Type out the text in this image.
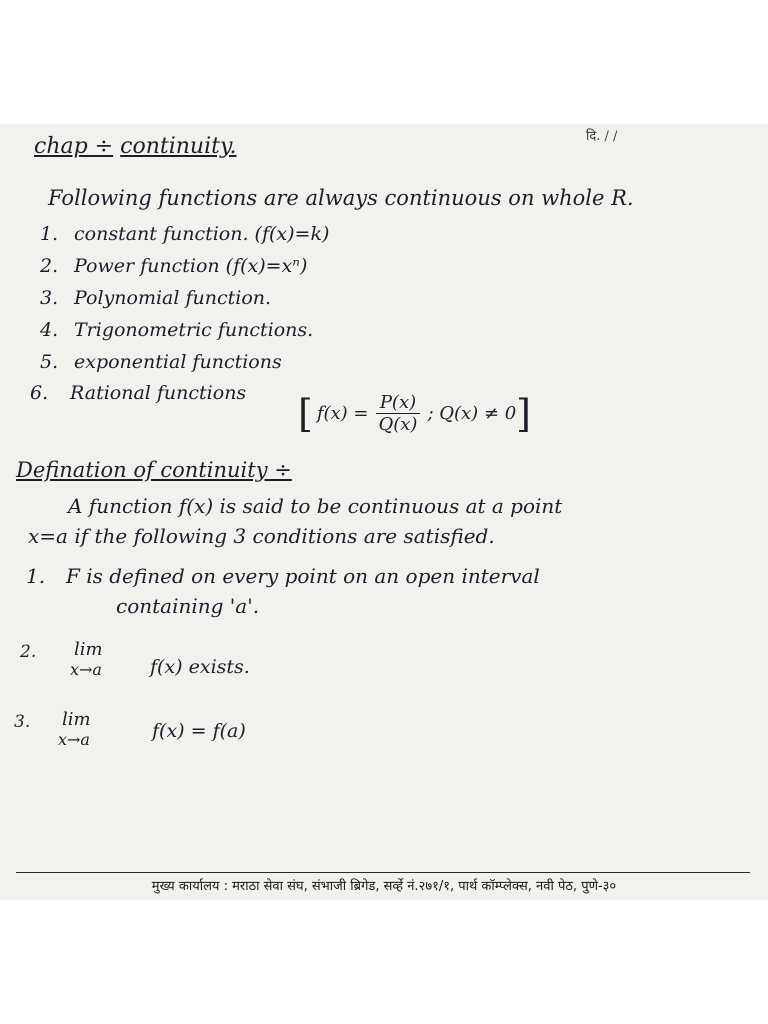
दि. / /
chap ÷ continuity.
Following functions are always continuous on whole R.
1. constant function. (f(x)=k)
2. Power function (f(x)=xⁿ)
3. Polynomial function.
4. Trigonometric functions.
5. exponential functions
6. Rational functions [ $f(x) = \frac{P(x)}{Q(x)}$ ; Q(x) ≠ 0 ]
Defination of continuity ÷
A function f(x) is said to be continuous at a point
x=a if the following 3 conditions are satisfied.
1. F is defined on every point on an open interval
containing 'a'.
2. lim
x→a	f(x) exists.
3. lim
x→a	f(x) = f(a)
मुख्य कार्यालय : मराठा सेवा संघ, संभाजी ब्रिगेड, सर्व्हे नं.२७१/१, पार्थ कॉम्प्लेक्स, नवी पेठ, पुणे-३०
